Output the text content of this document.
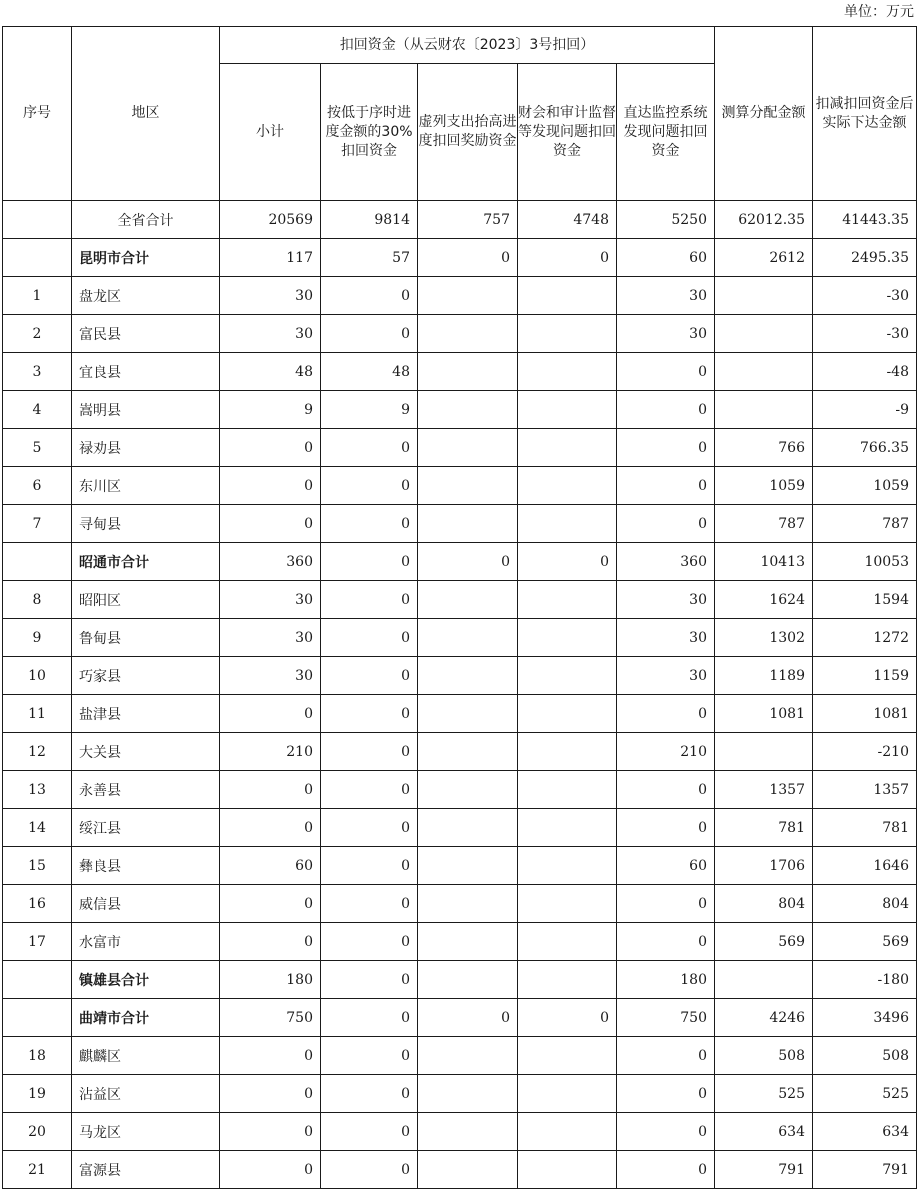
单位：万元
序号	地区	扣回资金（从云财农〔2023〕3号扣回）					测算分配金额	扣减扣回资金后实际下达金额
		小计	按低于序时进度金额的30%扣回资金	虚列支出抬高进度扣回奖励资金	财会和审计监督等发现问题扣回资金	直达监控系统发现问题扣回资金		
	全省合计	20569	9814	757	4748	5250	62012.35	41443.35
	昆明市合计	117	57	0	0	60	2612	2495.35
1	盘龙区	30	0			30		-30
2	富民县	30	0			30		-30
3	宜良县	48	48			0		-48
4	嵩明县	9	9			0		-9
5	禄劝县	0	0			0	766	766.35
6	东川区	0	0			0	1059	1059
7	寻甸县	0	0			0	787	787
	昭通市合计	360	0	0	0	360	10413	10053
8	昭阳区	30	0			30	1624	1594
9	鲁甸县	30	0			30	1302	1272
10	巧家县	30	0			30	1189	1159
11	盐津县	0	0			0	1081	1081
12	大关县	210	0			210		-210
13	永善县	0	0			0	1357	1357
14	绥江县	0	0			0	781	781
15	彝良县	60	0			60	1706	1646
16	威信县	0	0			0	804	804
17	水富市	0	0			0	569	569
	镇雄县合计	180	0			180		-180
	曲靖市合计	750	0	0	0	750	4246	3496
18	麒麟区	0	0			0	508	508
19	沾益区	0	0			0	525	525
20	马龙区	0	0			0	634	634
21	富源县	0	0			0	791	791
